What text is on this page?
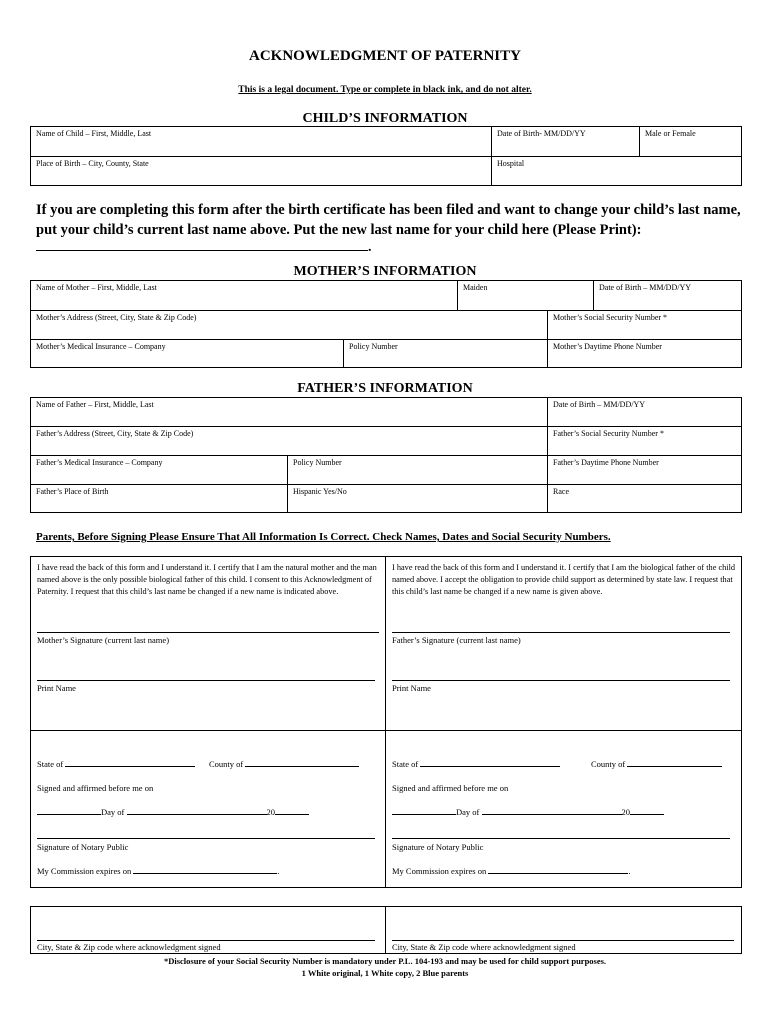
ACKNOWLEDGMENT OF PATERNITY
This is a legal document. Type or complete in black ink, and do not alter.
CHILD’S INFORMATION
Name of Child – First, Middle, Last	Date of Birth- MM/DD/YY	Male or Female
Place of Birth – City, County, State	Hospital
If you are completing this form after the birth certificate has been filed and want to change your child’s last name, put your child’s current last name above. Put the new last name for your child here (Please Print):
.
MOTHER’S INFORMATION
Name of Mother – First, Middle, Last	Maiden	Date of Birth – MM/DD/YY
Mother’s Address (Street, City, State & Zip Code)	Mother’s Social Security Number *
Mother’s Medical Insurance – Company	Policy Number	Mother’s Daytime Phone Number
FATHER’S INFORMATION
Name of Father – First, Middle, Last	Date of Birth – MM/DD/YY
Father’s Address (Street, City, State & Zip Code)	Father’s Social Security Number *
Father’s Medical Insurance – Company	Policy Number	Father’s Daytime Phone Number
Father’s Place of Birth	Hispanic Yes/No	Race
Parents, Before Signing Please Ensure That All Information Is Correct. Check Names, Dates and Social Security Numbers.
I have read the back of this form and I understand it. I certify that I am the natural mother and the man named above is the only possible biological father of this child. I consent to this Acknowledgment of Paternity. I request that this child’s last name be changed if a new name is indicated above.
Mother’s Signature (current last name)
Print Name
State of	County of
Signed and affirmed before me on
Day of	20
Signature of Notary Public
My Commission expires on	.
I have read the back of this form and I understand it. I certify that I am the biological father of the child named above. I accept the obligation to provide child support as determined by state law. I request that this child’s last name be changed if a new name is given above.
Father’s Signature (current last name)
Print Name
State of	County of
Signed and affirmed before me on
Day of	20
Signature of Notary Public
My Commission expires on	.
City, State & Zip code where acknowledgment signed	City, State & Zip code where acknowledgment signed
*Disclosure of your Social Security Number is mandatory under P.L. 104-193 and may be used for child support purposes.
1 White original, 1 White copy, 2 Blue parents
